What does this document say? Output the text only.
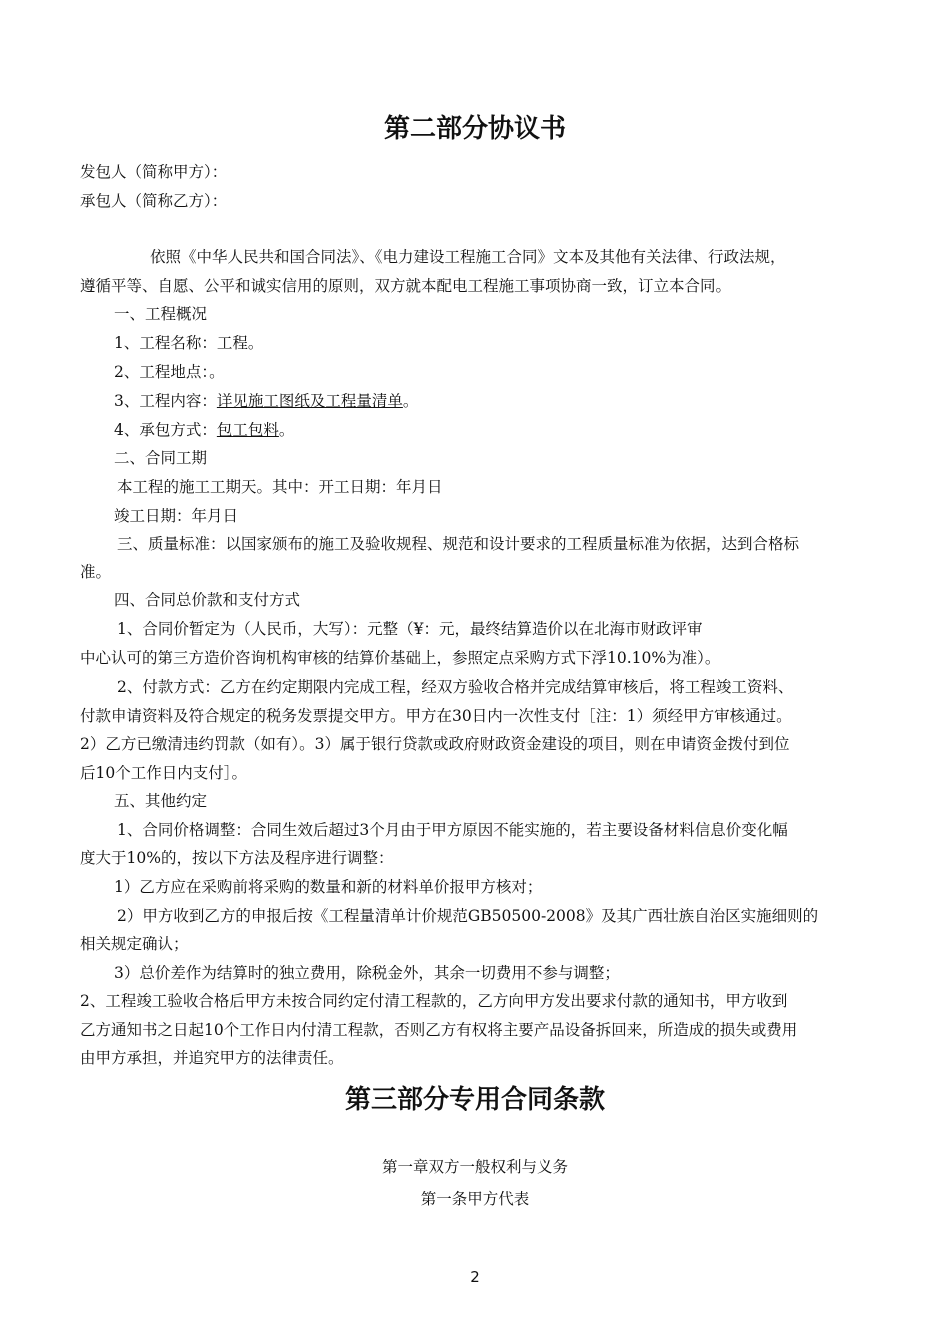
第二部分协议书
发包人（简称甲方）：
承包人（简称乙方）：
依照《中华人民共和国合同法》、《电力建设工程施工合同》文本及其他有关法律、行政法规，
遵循平等、自愿、公平和诚实信用的原则，双方就本配电工程施工事项协商一致，订立本合同。
一、工程概况
1、工程名称：工程。
2、工程地点：。
3、工程内容：详见施工图纸及工程量清单。
4、承包方式：包工包料。
二、合同工期
本工程的施工工期天。其中：开工日期：年月日
竣工日期：年月日
三、质量标准：以国家颁布的施工及验收规程、规范和设计要求的工程质量标准为依据，达到合格标
准。
四、合同总价款和支付方式
1、合同价暂定为（人民币，大写）：元整（¥：元，最终结算造价以在北海市财政评审
中心认可的第三方造价咨询机构审核的结算价基础上，参照定点采购方式下浮10.10%为准）。
2、付款方式：乙方在约定期限内完成工程，经双方验收合格并完成结算审核后，将工程竣工资料、
付款申请资料及符合规定的税务发票提交甲方。甲方在30日内一次性支付［注：1）须经甲方审核通过。
2）乙方已缴清违约罚款（如有）。3）属于银行贷款或政府财政资金建设的项目，则在申请资金拨付到位
后10个工作日内支付］。
五、其他约定
1、合同价格调整：合同生效后超过3个月由于甲方原因不能实施的，若主要设备材料信息价变化幅
度大于10%的，按以下方法及程序进行调整：
1）乙方应在采购前将采购的数量和新的材料单价报甲方核对；
2）甲方收到乙方的申报后按《工程量清单计价规范GB50500-2008》及其广西壮族自治区实施细则的
相关规定确认；
3）总价差作为结算时的独立费用，除税金外，其余一切费用不参与调整；
2、工程竣工验收合格后甲方未按合同约定付清工程款的，乙方向甲方发出要求付款的通知书，甲方收到
乙方通知书之日起10个工作日内付清工程款，否则乙方有权将主要产品设备拆回来，所造成的损失或费用
由甲方承担，并追究甲方的法律责任。
第三部分专用合同条款
第一章双方一般权利与义务
第一条甲方代表
2
